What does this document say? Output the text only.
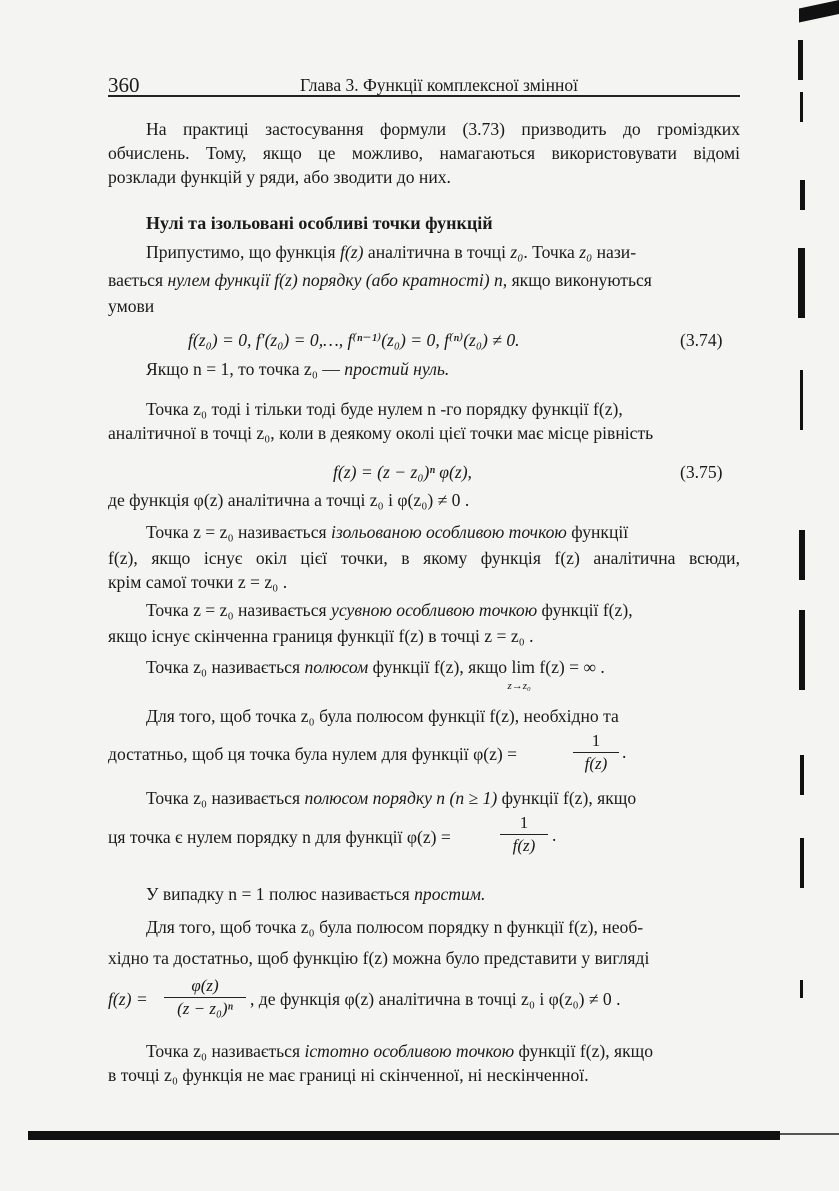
360	Глава 3. Функції комплексної змінної
На практиці застосування формули (3.73) призводить до громіздких
обчислень. Тому, якщо це можливо, намагаються використовувати відомі
розклади функцій у ряди, або зводити до них.
Нулі та ізольовані особливі точки функцій
Припустимо, що функція f(z) аналітична в точці z₀. Точка z₀ нази-
вається нулем функції f(z) порядку (або кратності) n, якщо виконуються
умови
f(z₀) = 0, f′(z₀) = 0,…, f⁽ⁿ⁻¹⁾(z₀) = 0, f⁽ⁿ⁾(z₀) ≠ 0.	(3.74)
Якщо n = 1, то точка z₀ — простий нуль.
Точка z₀ тоді і тільки тоді буде нулем n -го порядку функції f(z),
аналітичної в точці z₀, коли в деякому околі цієї точки має місце рівність
f(z) = (z − z₀)ⁿ φ(z),	(3.75)
де функція φ(z) аналітична а точці z₀ і φ(z₀) ≠ 0 .
Точка z = z₀ називається ізольованою особливою точкою функції
f(z), якщо існує окіл цієї точки, в якому функція f(z) аналітична всюди,
крім самої точки z = z₀ .
Точка z = z₀ називається усувною особливою точкою функції f(z),
якщо існує скінченна границя функції f(z) в точці z = z₀ .
Точка z₀ називається полюсом функції f(z), якщо lim
z→z₀
f(z) = ∞ .
Для того, щоб точка z₀ була полюсом функції f(z), необхідно та
достатньо, щоб ця точка була нулем для функції φ(z) =
1
f(z)
.
Точка z₀ називається полюсом порядку n (n ≥ 1) функції f(z), якщо
ця точка є нулем порядку n для функції φ(z) =
1
f(z)
.
У випадку n = 1 полюс називається простим.
Для того, щоб точка z₀ була полюсом порядку n функції f(z), необ-
хідно та достатньо, щоб функцію f(z) можна було представити у вигляді
f(z) =
φ(z)
(z − z₀)ⁿ , де функція φ(z) аналітична в точці z₀ і φ(z₀) ≠ 0 .
Точка z₀ називається істотно особливою точкою функції f(z), якщо
в точці z₀ функція не має границі ні скінченної, ні нескінченної.
